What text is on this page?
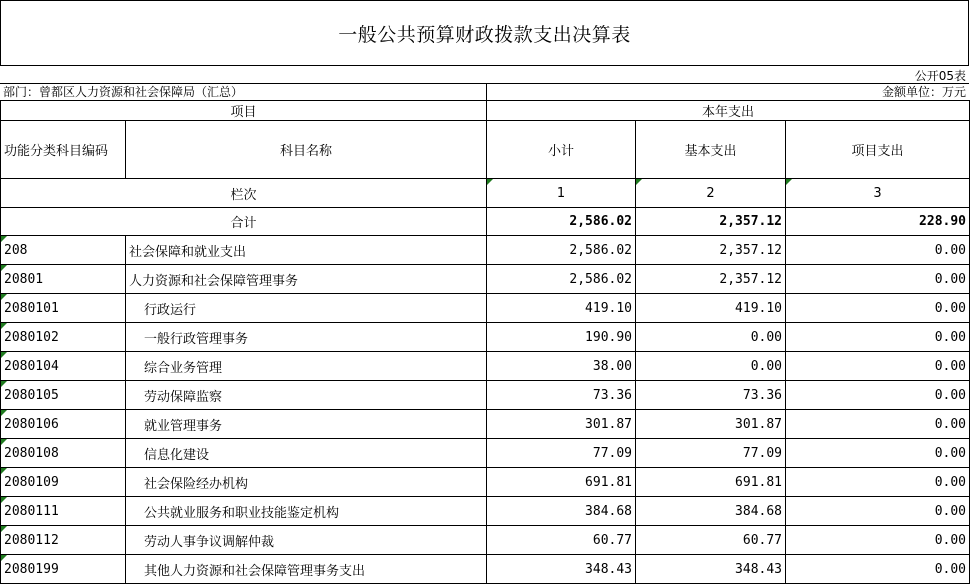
一般公共预算财政拨款支出决算表
公开05表
部门：曾都区人力资源和社会保障局（汇总）	金额单位：万元
项目		本年支出		
功能分类科目编码	科目名称	小计	基本支出	项目支出
栏次		1	2	3
合计		2,586.02	2,357.12	228.90
208	社会保障和就业支出	2,586.02	2,357.12	0.00
20801	人力资源和社会保障管理事务	2,586.02	2,357.12	0.00
2080101	行政运行	419.10	419.10	0.00
2080102	一般行政管理事务	190.90	0.00	0.00
2080104	综合业务管理	38.00	0.00	0.00
2080105	劳动保障监察	73.36	73.36	0.00
2080106	就业管理事务	301.87	301.87	0.00
2080108	信息化建设	77.09	77.09	0.00
2080109	社会保险经办机构	691.81	691.81	0.00
2080111	公共就业服务和职业技能鉴定机构	384.68	384.68	0.00
2080112	劳动人事争议调解仲裁	60.77	60.77	0.00
2080199	其他人力资源和社会保障管理事务支出	348.43	348.43	0.00
